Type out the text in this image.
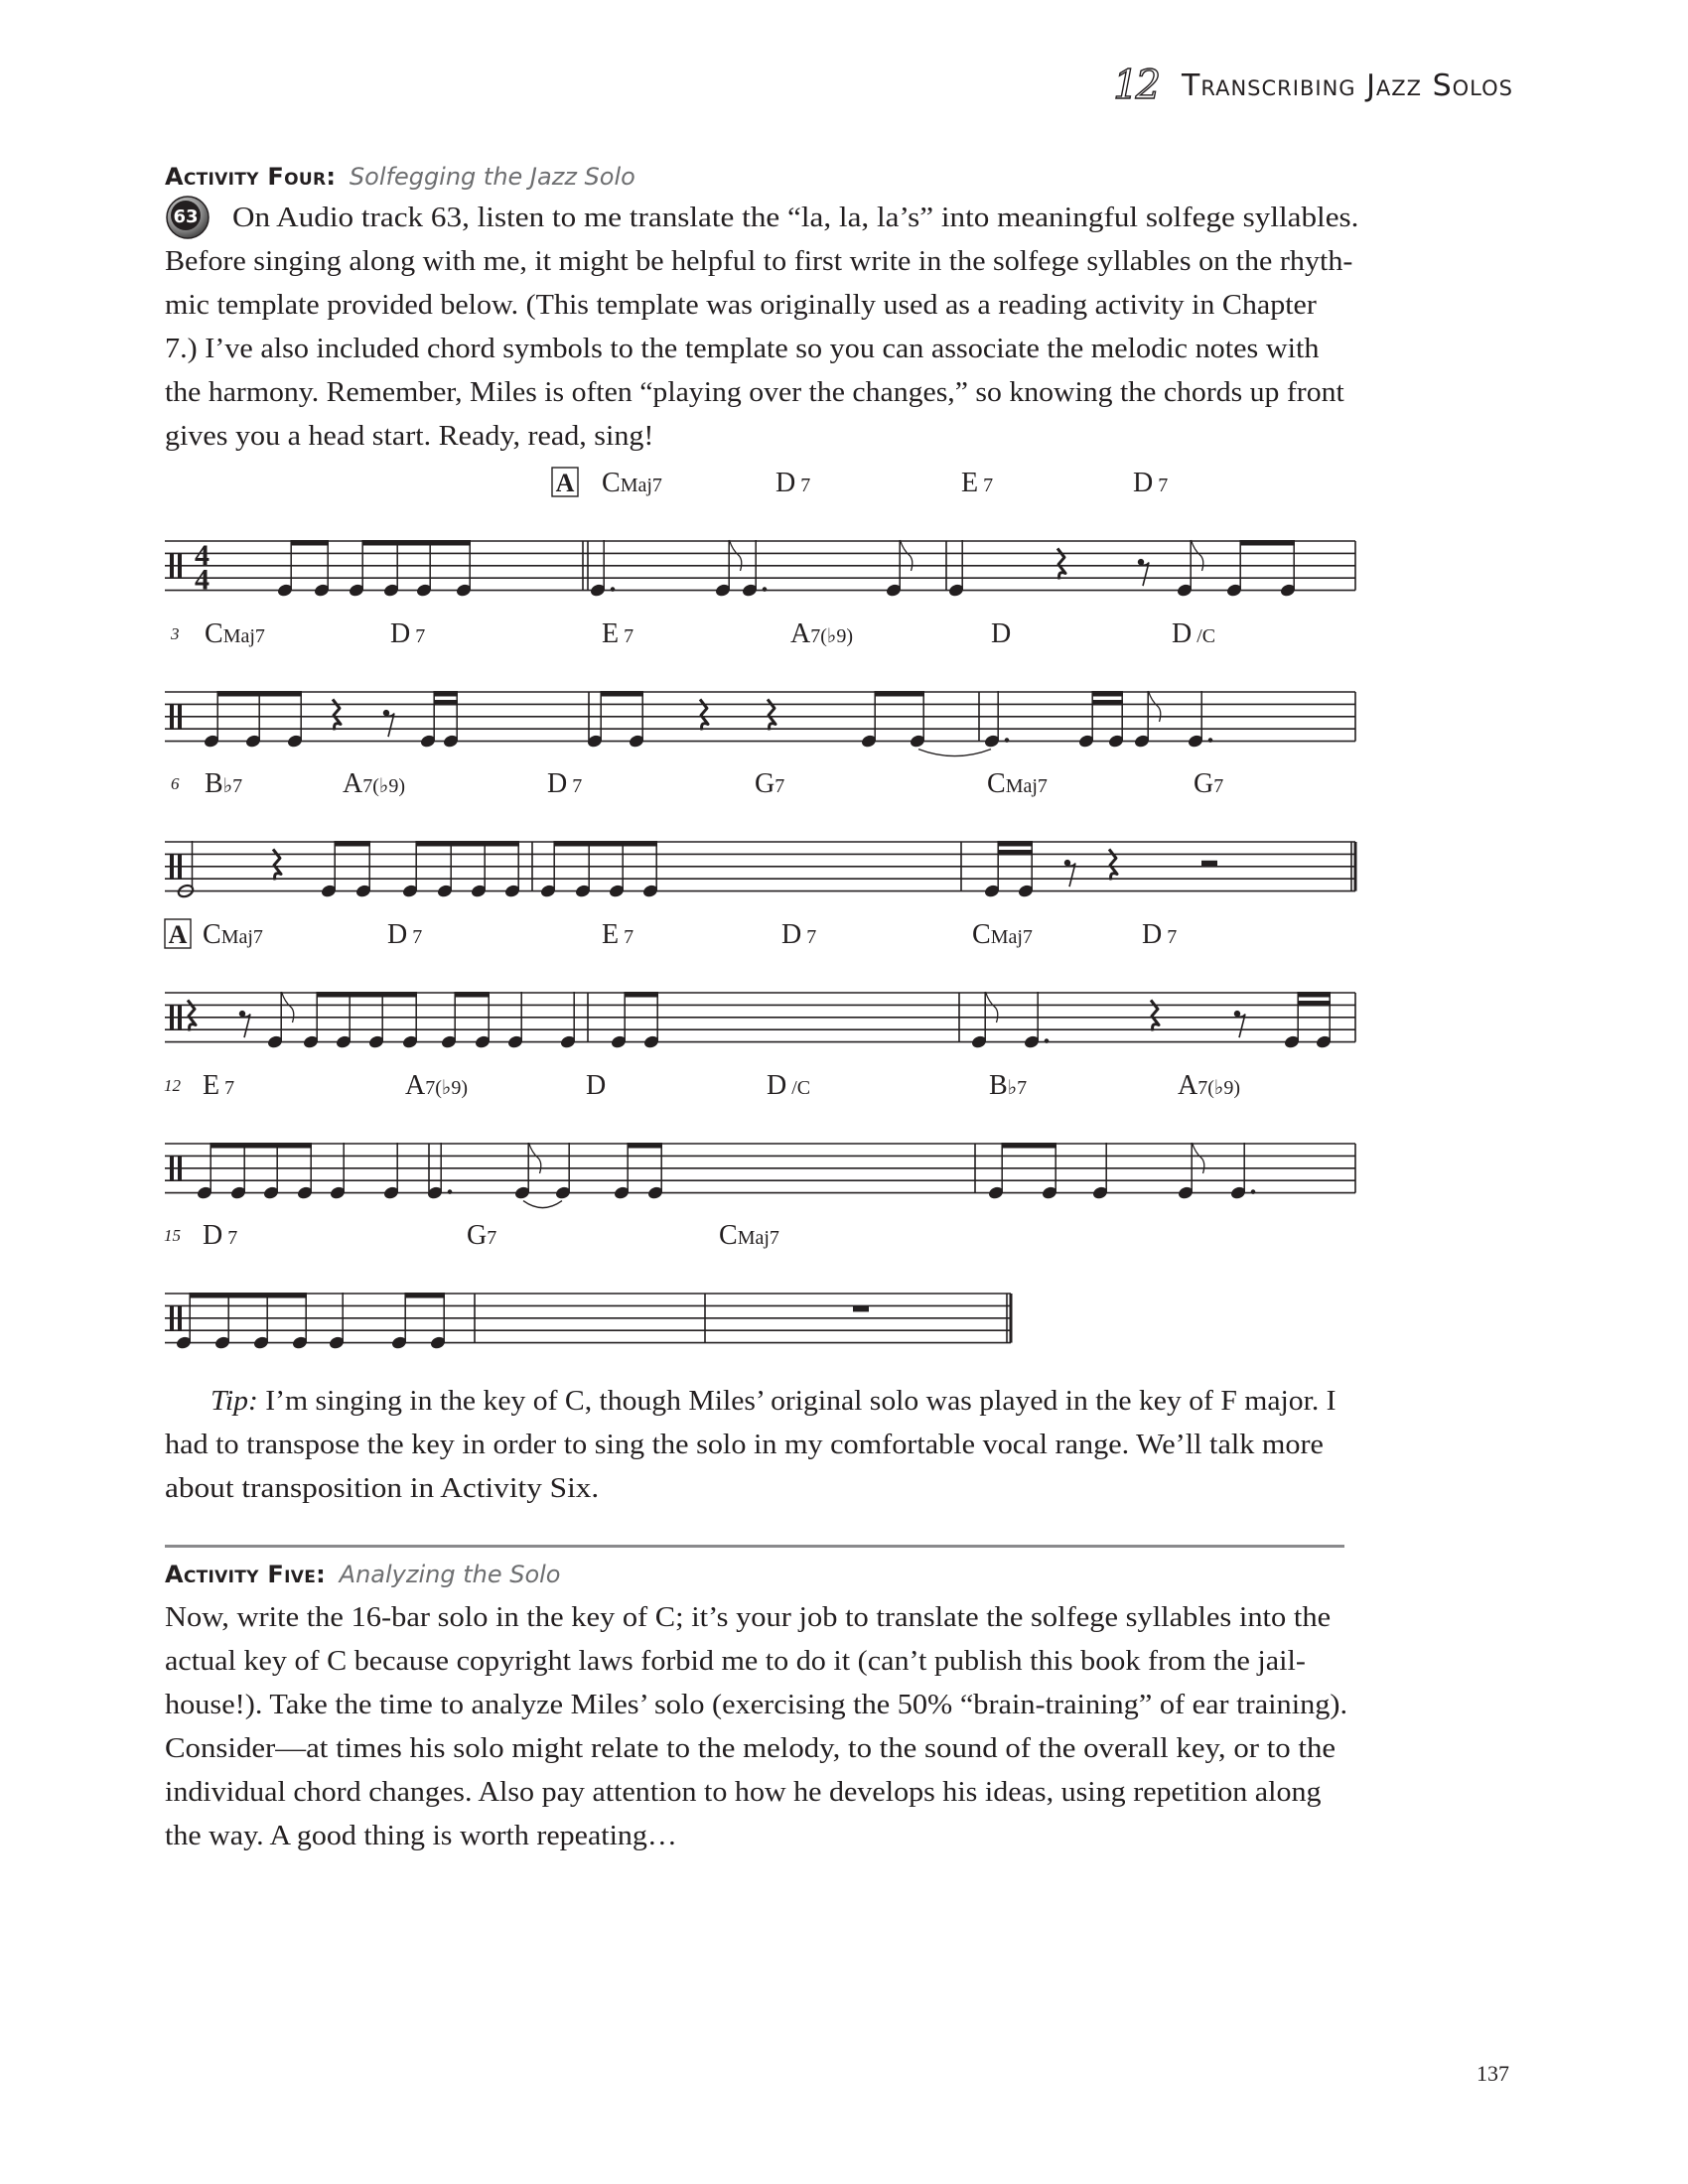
12 Transcribing Jazz Solos
Activity Four: Solfegging the Jazz Solo
63 On Audio track 63, listen to me translate the “la, la, la’s” into meaningful solfege syllables.
Before singing along with me, it might be helpful to first write in the solfege syllables on the rhyth-
mic template provided below. (This template was originally used as a reading activity in Chapter
7.) I’ve also included chord symbols to the template so you can associate the melodic notes with
the harmony. Remember, Miles is often “playing over the changes,” so knowing the chords up front
gives you a head start. Ready, read, sing!
4
4
A CMaj7	D 7	E 7	D 7
3 CMaj7	D 7	E 7	A7(♭9)	D	D /C
6 B♭7	A7(♭9)	D 7	G7	CMaj7	G7
A CMaj7	D 7	E 7	D 7	CMaj7	D 7
12 E 7	A7(♭9)	D	D /C	B♭7	A7(♭9)
15 D 7	G7	CMaj7
Tip: I’m singing in the key of C, though Miles’ original solo was played in the key of F major. I
had to transpose the key in order to sing the solo in my comfortable vocal range. We’ll talk more
about transposition in Activity Six.
Activity Five: Analyzing the Solo
Now, write the 16-bar solo in the key of C; it’s your job to translate the solfege syllables into the
actual key of C because copyright laws forbid me to do it (can’t publish this book from the jail-
house!). Take the time to analyze Miles’ solo (exercising the 50% “brain-training” of ear training).
Consider—at times his solo might relate to the melody, to the sound of the overall key, or to the
individual chord changes. Also pay attention to how he develops his ideas, using repetition along
the way. A good thing is worth repeating…
137
